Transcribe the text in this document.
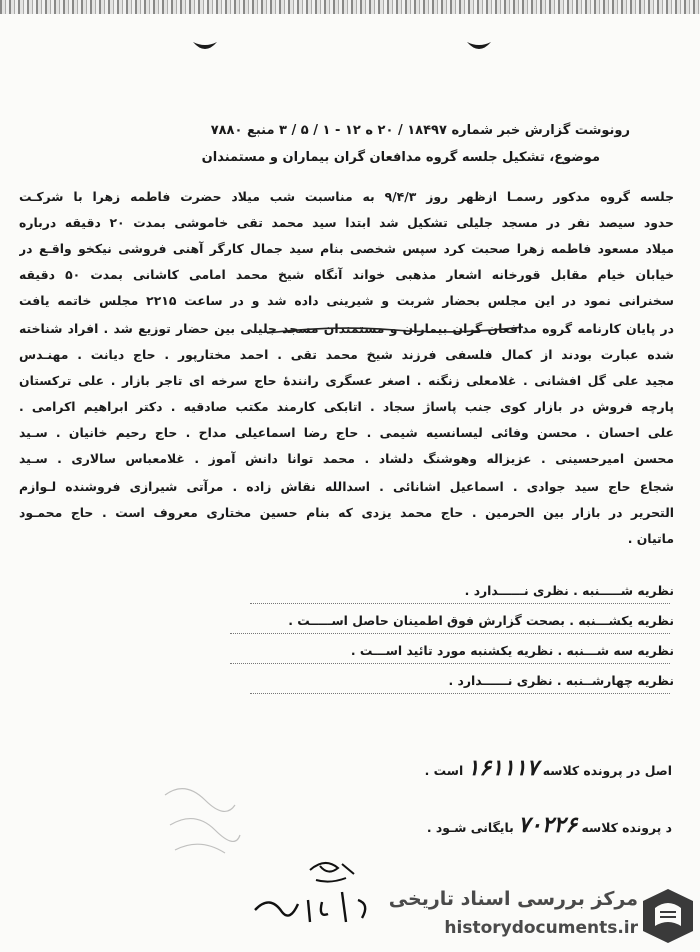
رونوشت گزارش خبر شماره ۱۸۴۹۷ / ۲۰ ه ۱۲ - ۱ / ۵ / ۳ منبع ۷۸۸۰
موضوع، تشکیل جلسه گروه مدافعان گران بیماران و مستمندان
جلسه گروه مدکور رسمـا ازظهر روز ۹/۴/۳ به مناسبت شب میلاد حضرت فاطمه زهرا با شرکـت
حدود سیصد نفر در مسجد جلیلی تشکیل شد ابتدا سید محمد تقی خاموشی بمدت ۲۰ دقیقه درباره
میلاد مسعود فاطمه زهرا صحبت کرد سپس شخصی بنام سید جمال کارگر آهنی فروشی نیکخو واقـع در
خیابان خیام مقابل قورخانه اشعار مذهبی خواند آنگاه شیخ محمد امامی کاشانی بمدت ۵۰ دقیقه
سخنرانی نمود در این مجلس بحضار شربت و شیرینی داده شد و در ساعت ۲۲۱۵ مجلس خاتمه یافت
در پایان کارنامه گروه مدافعان گران بیماران و مستمندان مسجد جلیلی بین حضار توزیع شد . افراد شناخته
شده عبارت بودند از کمال فلسفی فرزند شیخ محمد تقی . احمد مختارپور . حاج دیانت . مهنـدس
مجید علی گل افشانی . غلامعلی زنگنه . اصغر عسگری رانندۀ حاج سرخه ای تاجر بازار . علی ترکستان
پارچه فروش در بازار کوی جنب پاساژ سجاد . اتابکی کارمند مکتب صادقیه . دکتر ابراهیم اکرامی .
علی احسان . محسن وفائی لیسانسیه شیمی . حاج رضا اسماعیلی مداح . حاج رحیم خانیان . سـید
محسن امیرحسینی . عزیزاله وهوشنگ دلشاد . محمد توانا دانش آموز . غلامعباس سالاری . سـید
شجاع حاج سید جوادی . اسماعیل اشانائی . اسدالله نقاش زاده . مرآتی شیرازی فروشنده لـوازم
التحریر در بازار بین الحرمین . حاج محمد یزدی که بنام حسین مختاری معروف است . حاج محمـود
ماتیان .
نظریه شـــــنبه . نظری نــــــدارد .
نظریه یکشـــنبه . بصحت گزارش فوق اطمینان حاصل اســـــت .
نظریه سه شـــنبه . نظریه یکشنبه مورد تائید اســـت .
نظریه چهارشــنبه . نظری نــــــدارد .
اصل در پرونده کلاسه ۱۶۱۱۱۷ است .
د پرونده کلاسه ۷۰۲۲۶ بایگانی شـود .
مرکز بررسی اسناد تاریخی
historydocuments.ir
